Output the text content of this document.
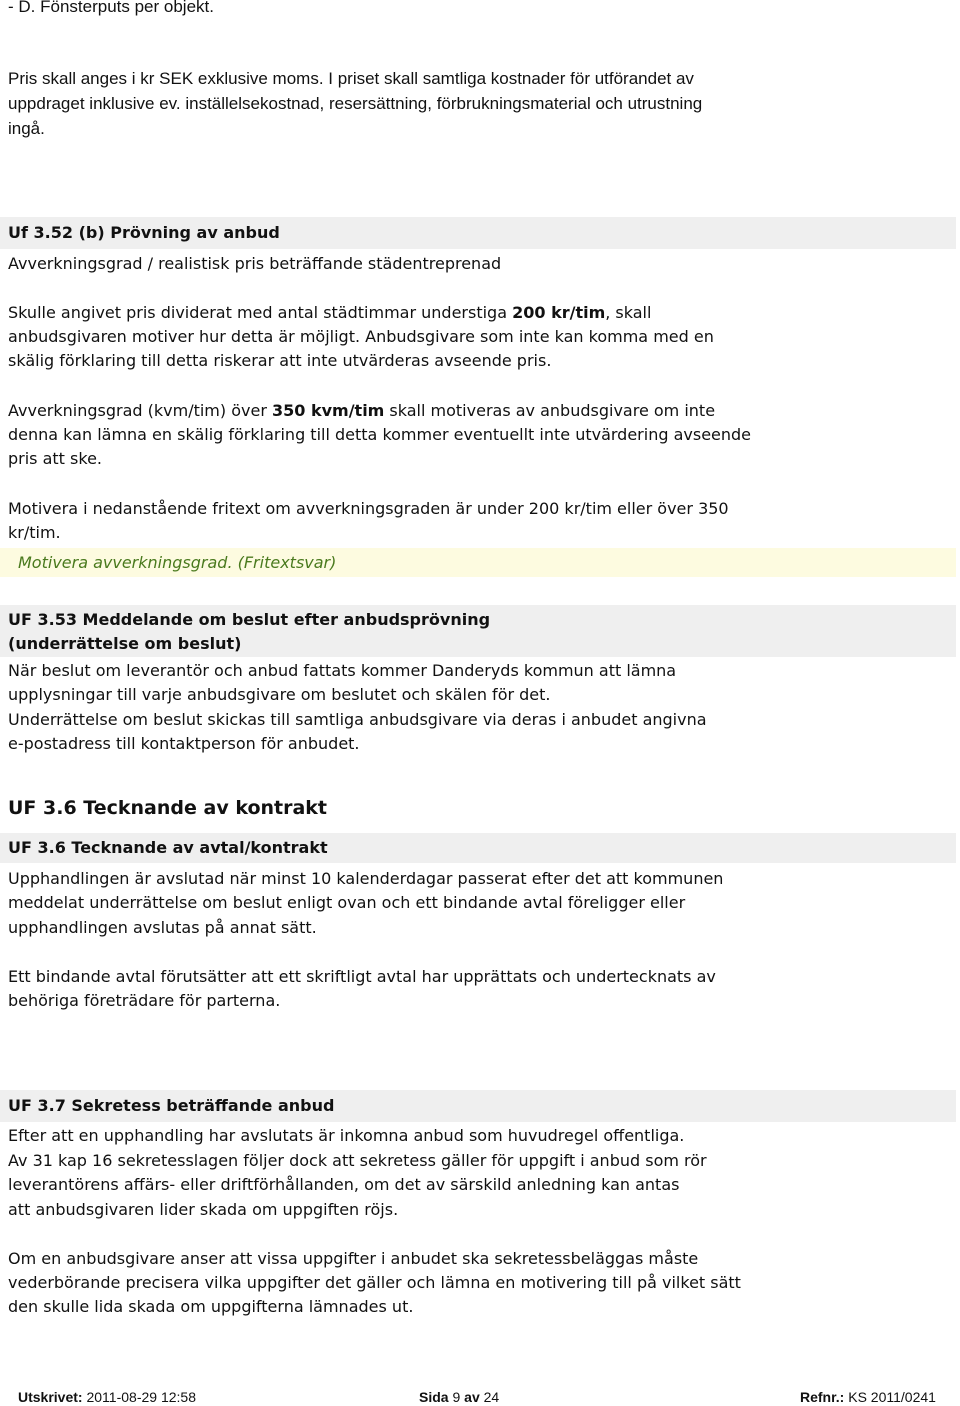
- D. Fönsterputs per objekt.
Pris skall anges i kr SEK exklusive moms. I priset skall samtliga kostnader för utförandet av
uppdraget inklusive ev. inställelsekostnad, resersättning, förbrukningsmaterial och utrustning
ingå.
Uf 3.52 (b) Prövning av anbud
Avverkningsgrad / realistisk pris beträffande städentreprenad
Skulle angivet pris dividerat med antal städtimmar understiga 200 kr/tim, skall
anbudsgivaren motiver hur detta är möjligt. Anbudsgivare som inte kan komma med en
skälig förklaring till detta riskerar att inte utvärderas avseende pris.
Avverkningsgrad (kvm/tim) över 350 kvm/tim skall motiveras av anbudsgivare om inte
denna kan lämna en skälig förklaring till detta kommer eventuellt inte utvärdering avseende
pris att ske.
Motivera i nedanstående fritext om avverkningsgraden är under 200 kr/tim eller över 350
kr/tim.
Motivera avverkningsgrad. (Fritextsvar)
UF 3.53 Meddelande om beslut efter anbudsprövning
(underrättelse om beslut)
När beslut om leverantör och anbud fattats kommer Danderyds kommun att lämna
upplysningar till varje anbudsgivare om beslutet och skälen för det.
Underrättelse om beslut skickas till samtliga anbudsgivare via deras i anbudet angivna
e-postadress till kontaktperson för anbudet.
UF 3.6 Tecknande av kontrakt
UF 3.6 Tecknande av avtal/kontrakt
Upphandlingen är avslutad när minst 10 kalenderdagar passerat efter det att kommunen
meddelat underrättelse om beslut enligt ovan och ett bindande avtal föreligger eller
upphandlingen avslutas på annat sätt.
Ett bindande avtal förutsätter att ett skriftligt avtal har upprättats och undertecknats av
behöriga företrädare för parterna.
UF 3.7 Sekretess beträffande anbud
Efter att en upphandling har avslutats är inkomna anbud som huvudregel offentliga.
Av 31 kap 16 sekretesslagen följer dock att sekretess gäller för uppgift i anbud som rör
leverantörens affärs- eller driftförhållanden, om det av särskild anledning kan antas
att anbudsgivaren lider skada om uppgiften röjs.
Om en anbudsgivare anser att vissa uppgifter i anbudet ska sekretessbeläggas måste
vederbörande precisera vilka uppgifter det gäller och lämna en motivering till på vilket sätt
den skulle lida skada om uppgifterna lämnades ut.
Utskrivet: 2011-08-29 12:58	Sida 9 av 24	Refnr.: KS 2011/0241
